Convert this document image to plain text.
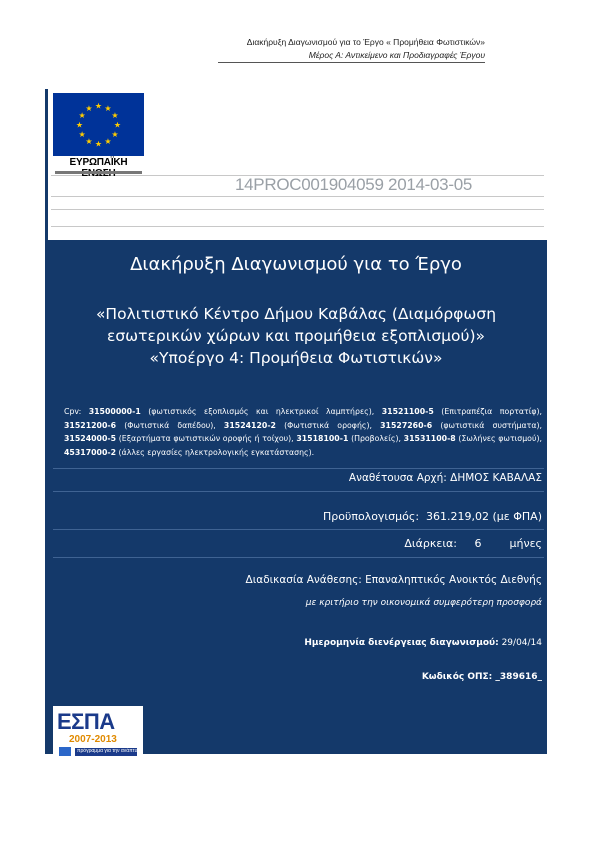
Διακήρυξη Διαγωνισμού για το Έργο « Προμήθεια Φωτιστικών»
Μέρος Α: Αντικείμενο και Προδιαγραφές Έργου
★ ★
★
★
★
★
★
★
★
★
★
★
ΕΥΡΩΠΑΪΚΗ
14PROC001904059 2014-03-05
Διακήρυξη Διαγωνισμού για το Έργο
«Πολιτιστικό Κέντρο Δήμου Καβάλας (Διαμόρφωση
εσωτερικών χώρων και προμήθεια εξοπλισμού)»
«Υποέργο 4: Προμήθεια Φωτιστικών»
Cpv: 31500000-1 (φωτιστικός εξοπλισμός και ηλεκτρικοί λαμπτήρες), 31521100-5 (Επιτραπέζια πορτατίφ), 31521200-6 (Φωτιστικά δαπέδου), 31524120-2 (Φωτιστικά οροφής), 31527260-6 (φωτιστικά συστήματα), 31524000-5 (Εξαρτήματα φωτιστικών οροφής ή τοίχου), 31518100-1 (Προβολείς), 31531100-8 (Σωλήνες φωτισμού), 45317000-2 (άλλες εργασίες ηλεκτρολογικής εγκατάστασης).
Αναθέτουσα Αρχή: ΔΗΜΟΣ ΚΑΒΑΛΑΣ
Προϋπολογισμός: 361.219,02 (με ΦΠΑ)
Διάρκεια: 6	μήνες
Διαδικασία Ανάθεσης: Επαναληπτικός Ανοικτός Διεθνής
με κριτήριο την οικονομικά συμφερότερη προσφορά
Ημερομηνία διενέργειας διαγωνισμού: 29/04/14
Κωδικός ΟΠΣ: _389616_
ΕΣΠΑ
2007-2013
πρόγραμμα για την ανάπτυξη
